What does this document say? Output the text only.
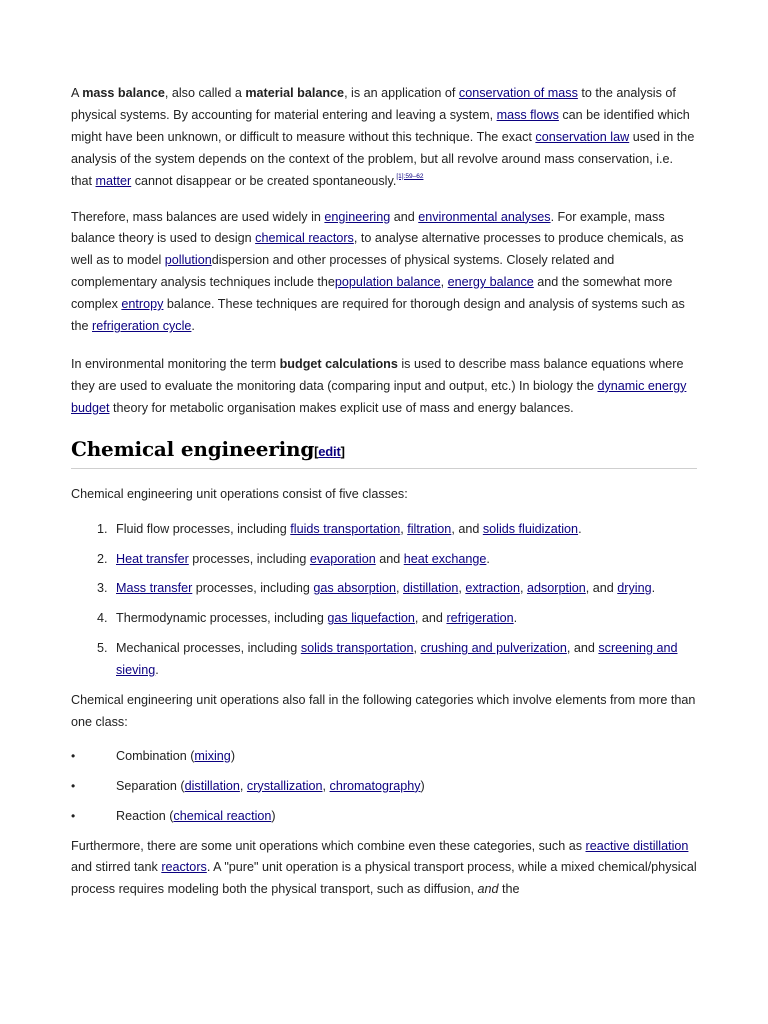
A mass balance, also called a material balance, is an application of conservation of mass to the analysis of physical systems. By accounting for material entering and leaving a system, mass flows can be identified which might have been unknown, or difficult to measure without this technique. The exact conservation law used in the analysis of the system depends on the context of the problem, but all revolve around mass conservation, i.e. that matter cannot disappear or be created spontaneously.$^{[1]:59-62}$

Therefore, mass balances are used widely in engineering and environmental analyses. For example, mass balance theory is used to design chemical reactors, to analyse alternative processes to produce chemicals, as well as to model pollutiondispersion and other processes of physical systems. Closely related and complementary analysis techniques include thepopulation balance, energy balance and the somewhat more complex entropy balance. These techniques are required for thorough design and analysis of systems such as the refrigeration cycle.

In environmental monitoring the term budget calculations is used to describe mass balance equations where they are used to evaluate the monitoring data (comparing input and output, etc.) In biology the dynamic energy budget theory for metabolic organisation makes explicit use of mass and energy balances.

Chemical engineering[edit]

Chemical engineering unit operations consist of five classes:

1. Fluid flow processes, including fluids transportation, filtration, and solids fluidization.
2. Heat transfer processes, including evaporation and heat exchange.
3. Mass transfer processes, including gas absorption, distillation, extraction, adsorption, and drying.
4. Thermodynamic processes, including gas liquefaction, and refrigeration.
5. Mechanical processes, including solids transportation, crushing and pulverization, and screening and sieving.

Chemical engineering unit operations also fall in the following categories which involve elements from more than one class:

•	Combination (mixing)
•	Separation (distillation, crystallization, chromatography)
•	Reaction (chemical reaction)

Furthermore, there are some unit operations which combine even these categories, such as reactive distillation and stirred tank reactors. A "pure" unit operation is a physical transport process, while a mixed chemical/physical process requires modeling both the physical transport, such as diffusion, and the
